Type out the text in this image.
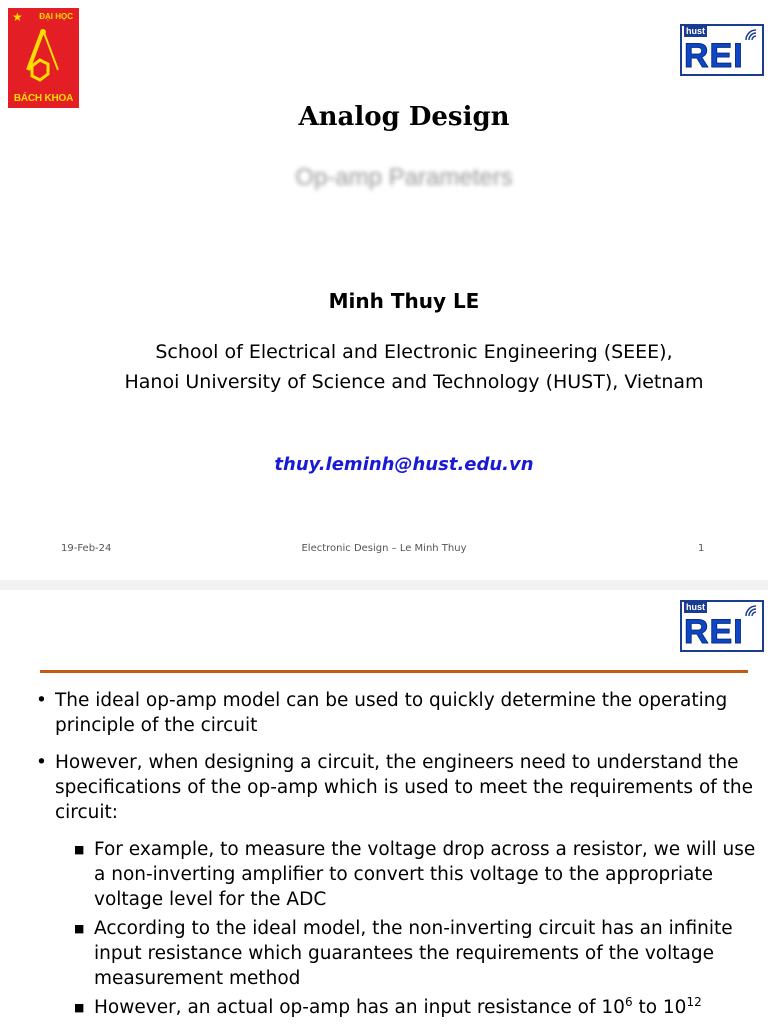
★ ĐẠI HỌC
BÁCH KHOA
hust
REI
Analog Design
Op-amp Parameters
Minh Thuy LE
School of Electrical and Electronic Engineering (SEEE),
Hanoi University of Science and Technology (HUST), Vietnam
thuy.leminh@hust.edu.vn
19-Feb-24	Electronic Design – Le Minh Thuy	1
hust
REI
• The ideal op-amp model can be used to quickly determine the operating principle of the circuit
• However, when designing a circuit, the engineers need to understand the specifications of the op-amp which is used to meet the requirements of the circuit:
■ For example, to measure the voltage drop across a resistor, we will use a non-inverting amplifier to convert this voltage to the appropriate voltage level for the ADC
■ According to the ideal model, the non-inverting circuit has an infinite input resistance which guarantees the requirements of the voltage measurement method
■ However, an actual op-amp has an input resistance of $10^6$ to $10^{12}$
